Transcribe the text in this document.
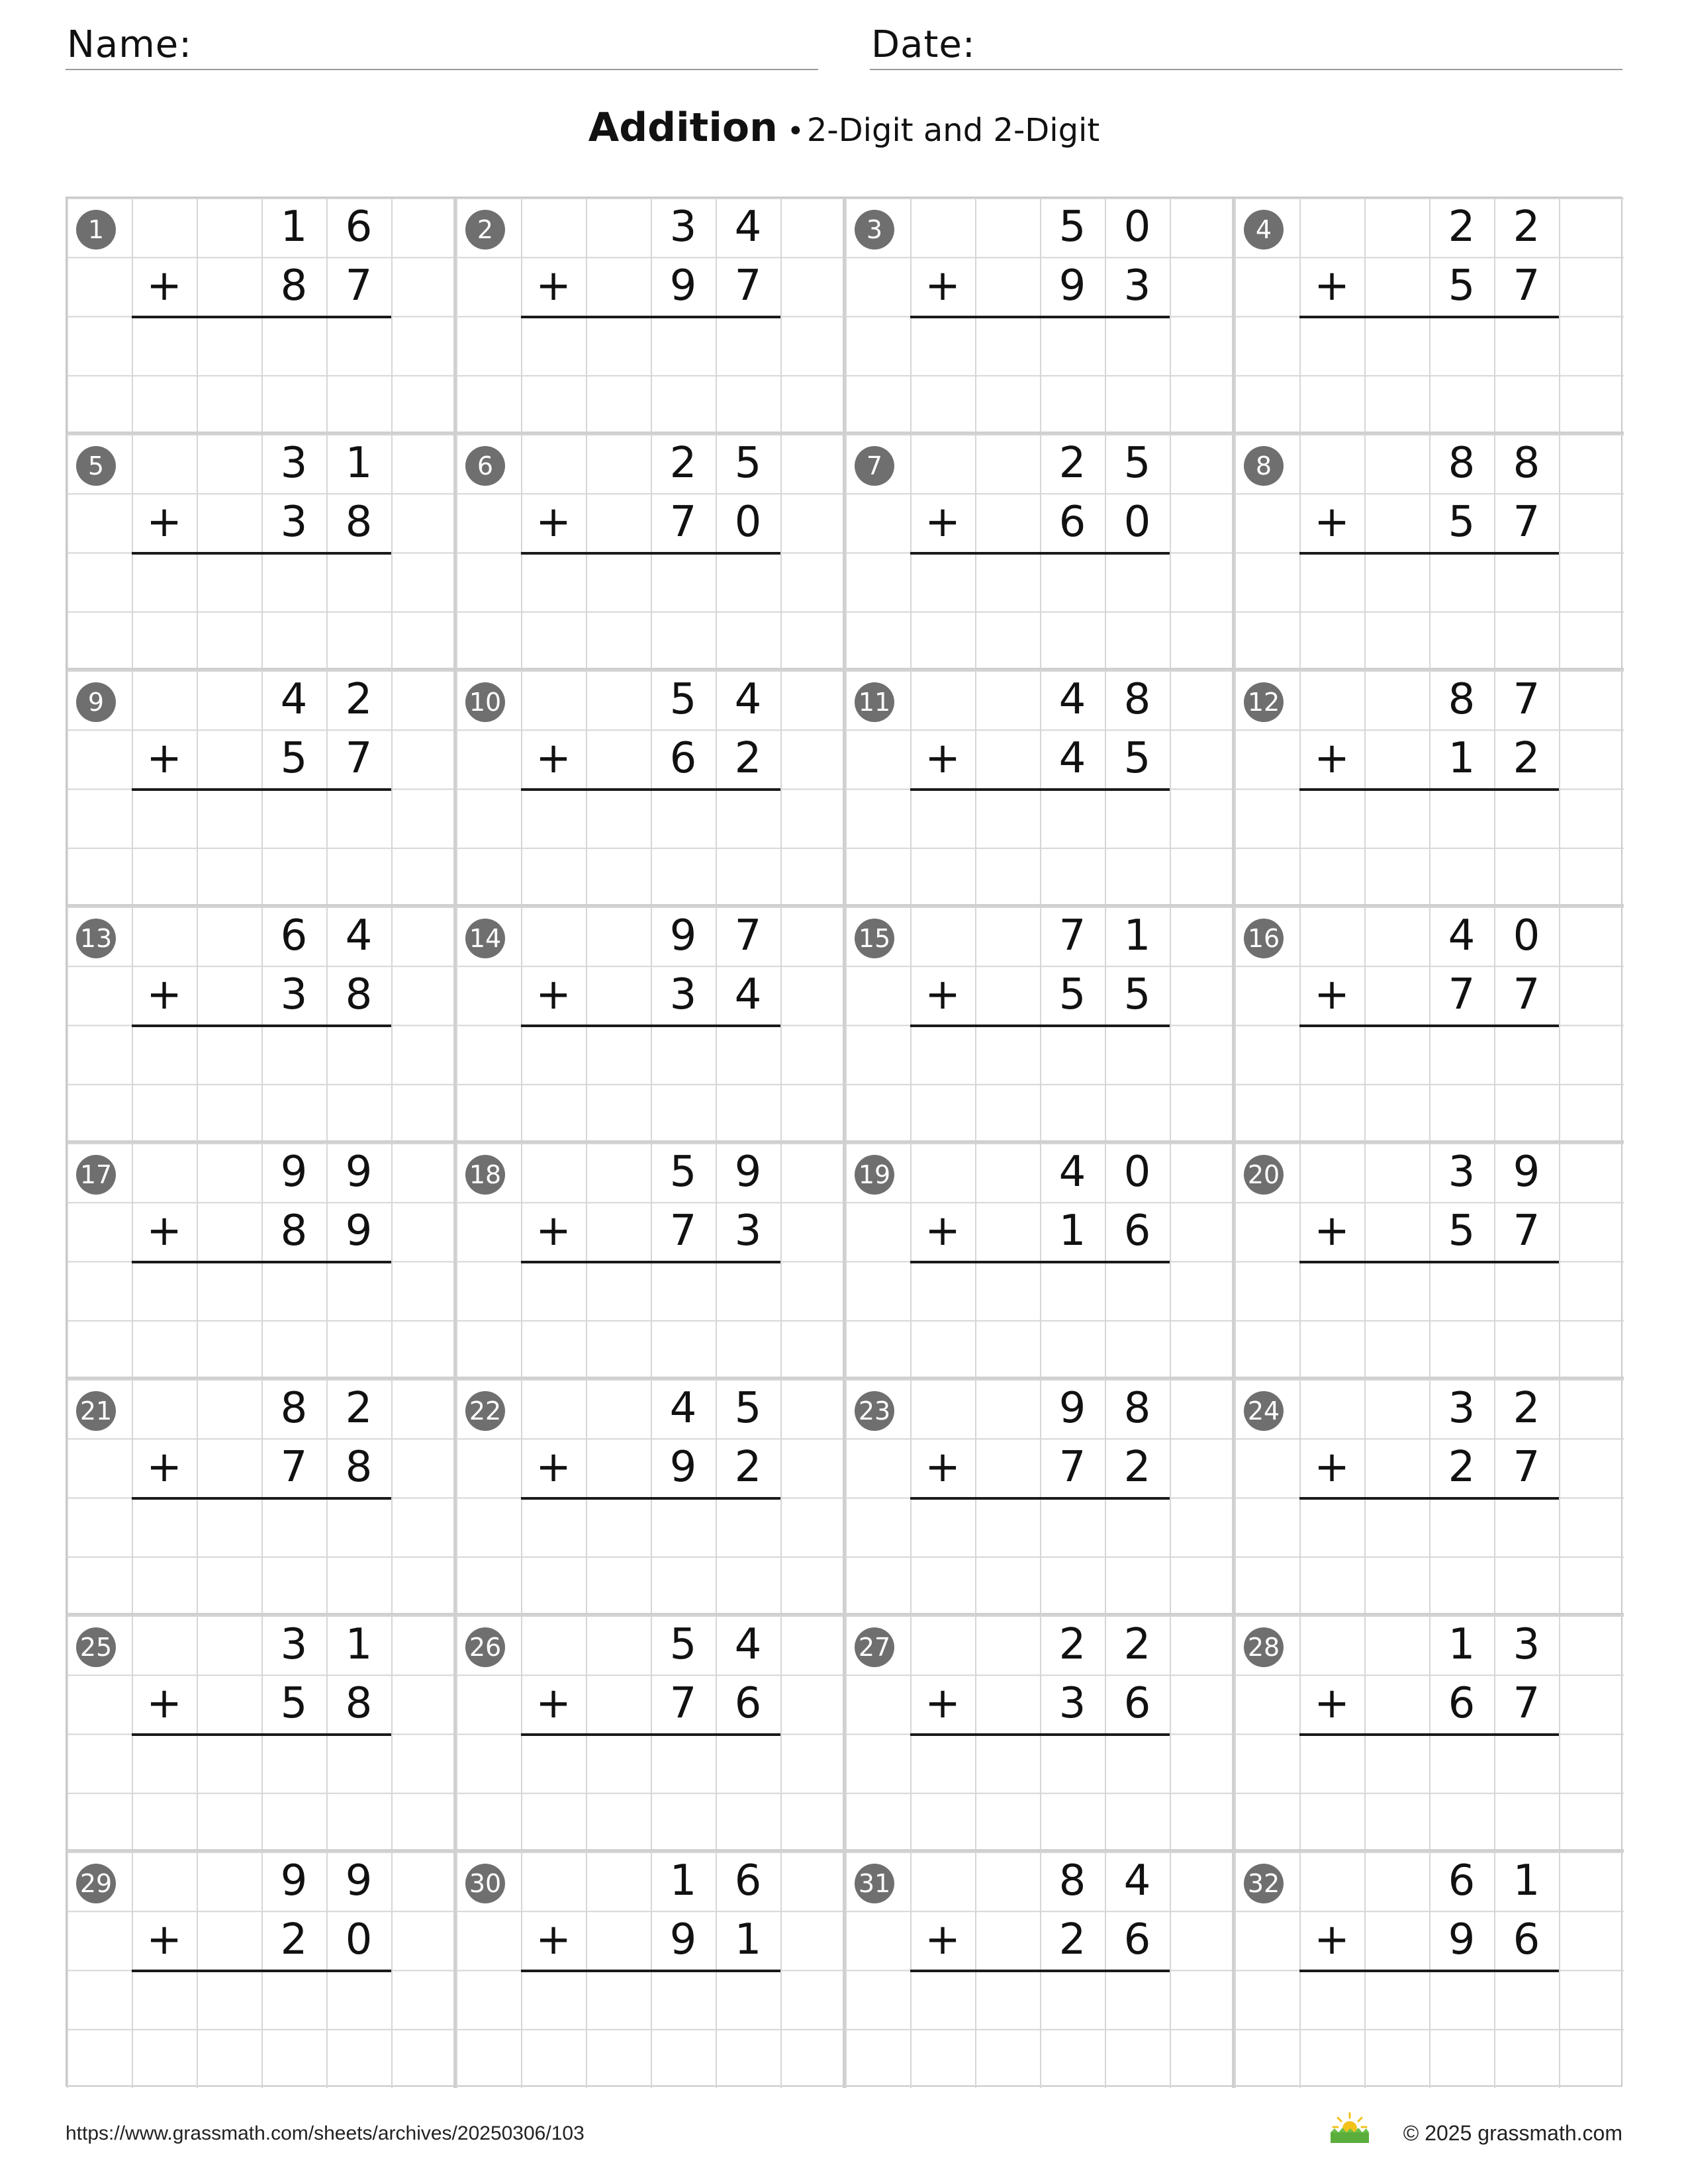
Name:	Date:
Addition •2-Digit and 2-Digit
1	1 6
+	8 7
2	3 4
+	9 7
3	5 0
+	9 3
4	2 2
+	5 7
5	3 1
+	3 8
6	2 5
+	7 0
7	2 5
+	6 0
8	8 8
+	5 7
9	4 2
+	5 7
10	5 4
+	6 2
11	4 8
+	4 5
12	8 7
+	1 2
13	6 4
+	3 8
14	9 7
+	3 4
15	7 1
+	5 5
16	4 0
+	7 7
17	9 9
+	8 9
18	5 9
+	7 3
19	4 0
+	1 6
20	3 9
+	5 7
21	8 2
+	7 8
22	4 5
+	9 2
23	9 8
+	7 2
24	3 2
+	2 7
25	3 1
+	5 8
26	5 4
+	7 6
27	2 2
+	3 6
28	1 3
+	6 7
29	9 9
+	2 0
30	1 6
+	9 1
31	8 4
+	2 6
32	6 1
+	9 6
https://www.grassmath.com/sheets/archives/20250306/103	© 2025 grassmath.com
